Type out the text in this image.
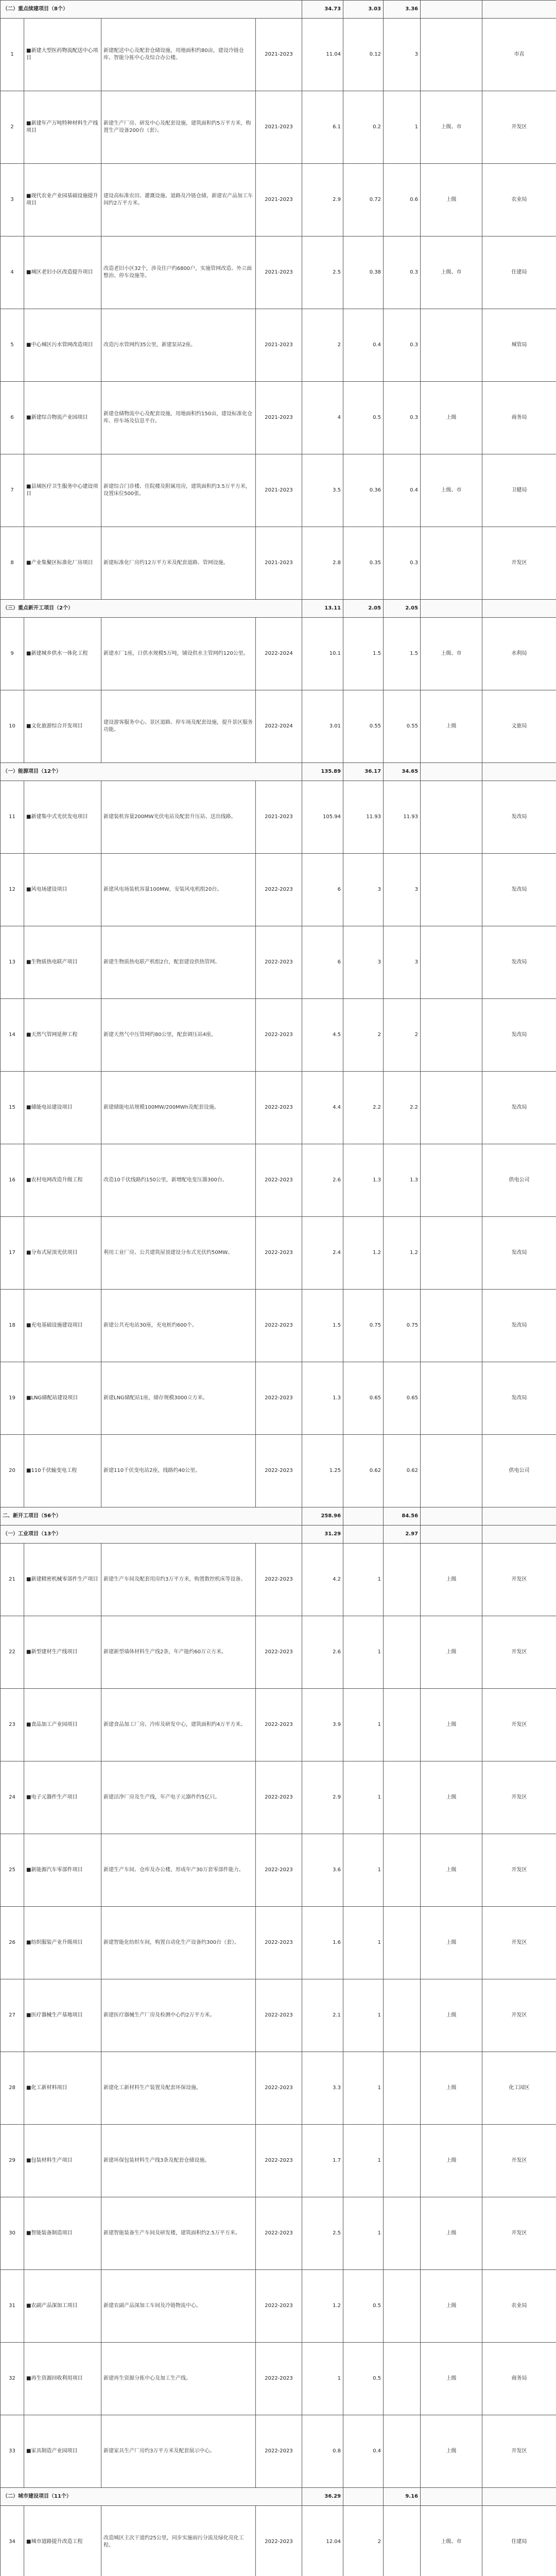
（二）重点续建项目（8个）				34.73	3.03	3.36		
1	■新建大型医药物流配送中心项目	新建配送中心及配套仓储设施，用地面积约80亩，建设冷链仓库、智能分拣中心及综合办公楼。	2021-2023	11.04	0.12	3		市直
2	■新建年产万吨特种材料生产线项目	新建生产厂房、研发中心及配套设施，建筑面积约5万平方米，购置生产设备200台（套）。	2021-2023	6.1	0.2	1	上级、市	开发区
3	■现代农业产业园基础设施提升项目	建设高标准农田、灌溉设施、道路及冷链仓储，新建农产品加工车间约2万平方米。	2021-2023	2.9	0.72	0.6	上级	农业局
4	■城区老旧小区改造提升项目	改造老旧小区32个，涉及住户约6800户，实施管网改造、外立面整治、停车设施等。	2021-2023	2.5	0.38	0.3	上级、市	住建局
5	■中心城区污水管网改造项目	改造污水管网约35公里，新建泵站2座。	2021-2023	2	0.4	0.3		城管局
6	■新建综合物流产业园项目	新建仓储物流中心及配套设施，用地面积约150亩，建设标准化仓库、停车场及信息平台。	2021-2023	4	0.5	0.3	上级	商务局
7	■县域医疗卫生服务中心建设项目	新建综合门诊楼、住院楼及附属用房，建筑面积约3.5万平方米，设置床位500张。	2021-2023	3.5	0.36	0.4	上级、市	卫健局
8	■产业集聚区标准化厂房项目	新建标准化厂房约12万平方米及配套道路、管网设施。	2021-2023	2.8	0.35	0.3		开发区
（三）重点新开工项目（2个）				13.11	2.05	2.05		
9	■新建城乡供水一体化工程	新建水厂1座，日供水规模5万吨，铺设供水主管网约120公里。	2022-2024	10.1	1.5	1.5	上级、市	水利局
10	■文化旅游综合开发项目	建设游客服务中心、景区道路、停车场及配套设施，提升景区服务功能。	2022-2024	3.01	0.55	0.55	上级	文旅局
（一）能源项目（12个）				135.89	36.17	34.65		
11	■新建集中式光伏发电项目	新建装机容量200MW光伏电站及配套升压站、送出线路。	2021-2023	105.94	11.93	11.93		发改局
12	■风电场建设项目	新建风电场装机容量100MW，安装风电机组20台。	2022-2023	6	3	3		发改局
13	■生物质热电联产项目	新建生物质热电联产机组2台，配套建设供热管网。	2022-2023	6	3	3		发改局
14	■天然气管网延伸工程	新建天然气中压管网约80公里，配套调压站4座。	2022-2023	4.5	2	2		发改局
15	■储能电站建设项目	新建储能电站规模100MW/200MWh及配套设施。	2022-2023	4.4	2.2	2.2		发改局
16	■农村电网改造升级工程	改造10千伏线路约150公里，新增配电变压器300台。	2022-2023	2.6	1.3	1.3		供电公司
17	■分布式屋顶光伏项目	利用工业厂房、公共建筑屋顶建设分布式光伏约50MW。	2022-2023	2.4	1.2	1.2		发改局
18	■充电基础设施建设项目	新建公共充电站30座，充电桩约600个。	2022-2023	1.5	0.75	0.75		发改局
19	■LNG储配站建设项目	新建LNG储配站1座，储存规模3000立方米。	2022-2023	1.3	0.65	0.65		发改局
20	■110千伏输变电工程	新建110千伏变电站2座，线路约40公里。	2022-2023	1.25	0.62	0.62		供电公司
二、新开工项目（56个）				258.96		84.56		
（一）工业项目（13个）				31.29		2.97		
21	■新建精密机械零部件生产项目	新建生产车间及配套用房约3万平方米，购置数控机床等设备。	2022-2023	4.2	1		上级	开发区
22	■新型建材生产线项目	新建新型墙体材料生产线2条，年产能约60万立方米。	2022-2023	2.6	1		上级	开发区
23	■食品加工产业园项目	新建食品加工厂房、冷库及研发中心，建筑面积约4万平方米。	2022-2023	3.9	1		上级	开发区
24	■电子元器件生产项目	新建洁净厂房及生产线，年产电子元器件约5亿只。	2022-2023	2.9	1		上级	开发区
25	■新能源汽车零部件项目	新建生产车间、仓库及办公楼，形成年产30万套零部件能力。	2022-2023	3.6	1		上级	开发区
26	■纺织服装产业升级项目	新建智能化纺织车间，购置自动化生产设备约300台（套）。	2022-2023	1.6	1		上级	开发区
27	■医疗器械生产基地项目	新建医疗器械生产厂房及检测中心约2万平方米。	2022-2023	2.1	1		上级	开发区
28	■化工新材料项目	新建化工新材料生产装置及配套环保设施。	2022-2023	3.3	1		上级	化工园区
29	■包装材料生产项目	新建环保包装材料生产线3条及配套仓储设施。	2022-2023	1.7	1		上级	开发区
30	■智能装备制造项目	新建智能装备生产车间及研发楼，建筑面积约2.5万平方米。	2022-2023	2.5	1		上级	开发区
31	■农副产品深加工项目	新建农副产品深加工车间及冷链物流中心。	2022-2023	1.2	0.5		上级	农业局
32	■再生资源回收利用项目	新建再生资源分拣中心及加工生产线。	2022-2023	1	0.5		上级	商务局
33	■家具制造产业园项目	新建家具生产厂房约3万平方米及配套展示中心。	2022-2023	0.8	0.4		上级	开发区
（二）城市建设项目（11个）				36.29		9.16		
34	■城市道路提升改造工程	改造城区主次干道约25公里，同步实施雨污分流及绿化亮化工程。	2022-2023	12.04	2		上级、市	住建局
